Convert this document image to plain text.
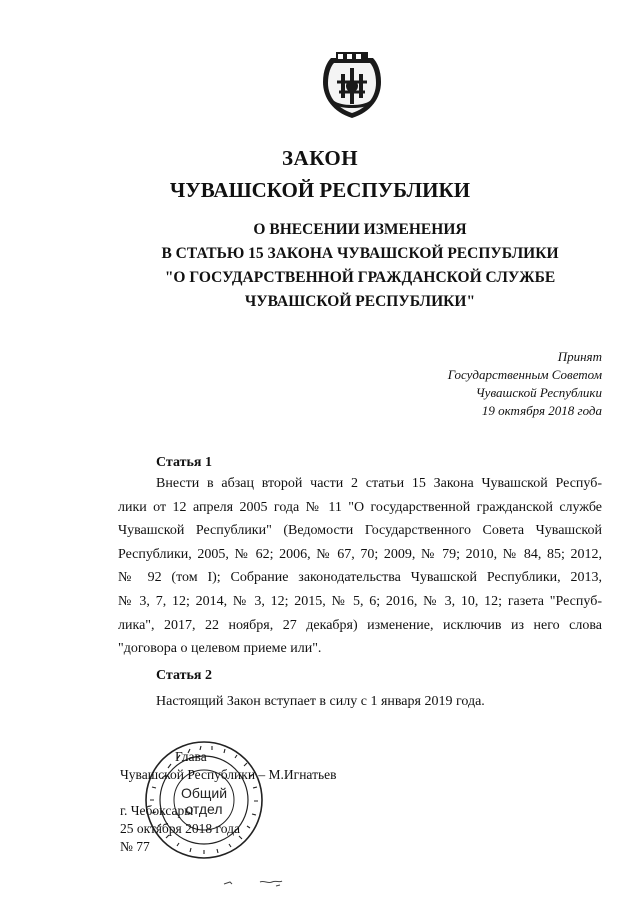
ЗАКОН
ЧУВАШСКОЙ РЕСПУБЛИКИ
О ВНЕСЕНИИ ИЗМЕНЕНИЯ
В СТАТЬЮ 15 ЗАКОНА ЧУВАШСКОЙ РЕСПУБЛИКИ
"О ГОСУДАРСТВЕННОЙ ГРАЖДАНСКОЙ СЛУЖБЕ
ЧУВАШСКОЙ РЕСПУБЛИКИ"
Принят
Государственным Советом
Чувашской Республики
19 октября 2018 года
Статья 1
Внести в абзац второй части 2 статьи 15 Закона Чувашской Респуб-
лики от 12 апреля 2005 года № 11 "О государственной гражданской службе
Чувашской Республики" (Ведомости Государственного Совета Чувашской
Республики, 2005, № 62; 2006, № 67, 70; 2009, № 79; 2010, № 84, 85; 2012,
№ 92 (том I); Собрание законодательства Чувашской Республики, 2013,
№ 3, 7, 12; 2014, № 3, 12; 2015, № 5, 6; 2016, № 3, 10, 12; газета "Респуб-
лика", 2017, 22 ноября, 27 декабря) изменение, исключив из него слова
"договора о целевом приеме или".
Статья 2
Настоящий Закон вступает в силу с 1 января 2019 года.
Общий
отдел
Глава
Чувашской Республики – М.Игнатьев
г. Чебоксары
25 октября 2018 года
№ 77
